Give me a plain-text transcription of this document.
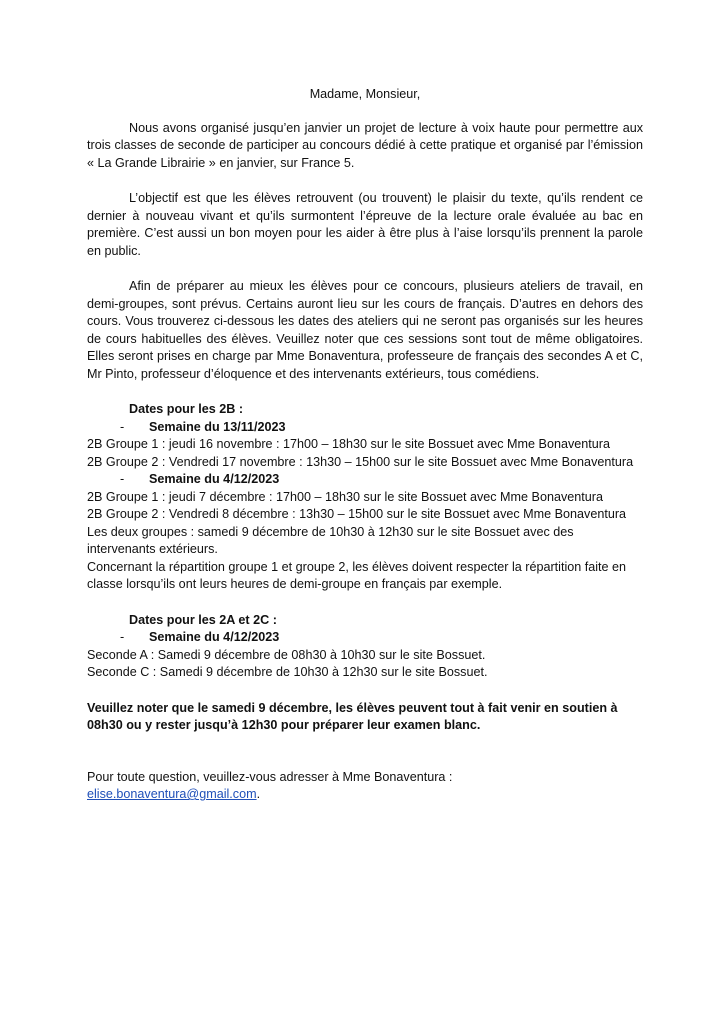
Madame, Monsieur,

Nous avons organisé jusqu’en janvier un projet de lecture à voix haute pour permettre aux trois classes de seconde de participer au concours dédié à cette pratique et organisé par l’émission « La Grande Librairie » en janvier, sur France 5.

L’objectif est que les élèves retrouvent (ou trouvent) le plaisir du texte, qu’ils rendent ce dernier à nouveau vivant et qu’ils surmontent l’épreuve de la lecture orale évaluée au bac en première. C’est aussi un bon moyen pour les aider à être plus à l’aise lorsqu’ils prennent la parole en public.

Afin de préparer au mieux les élèves pour ce concours, plusieurs ateliers de travail, en demi-groupes, sont prévus. Certains auront lieu sur les cours de français. D’autres en dehors des cours. Vous trouverez ci-dessous les dates des ateliers qui ne seront pas organisés sur les heures de cours habituelles des élèves. Veuillez noter que ces sessions sont tout de même obligatoires. Elles seront prises en charge par Mme Bonaventura, professeure de français des secondes A et C, Mr Pinto, professeur d’éloquence et des intervenants extérieurs, tous comédiens.

Dates pour les 2B :

- Semaine du 13/11/2023

2B Groupe 1 : jeudi 16 novembre : 17h00 – 18h30 sur le site Bossuet avec Mme Bonaventura

2B Groupe 2 : Vendredi 17 novembre : 13h30 – 15h00 sur le site Bossuet avec Mme Bonaventura

- Semaine du 4/12/2023

2B Groupe 1 : jeudi 7 décembre : 17h00 – 18h30 sur le site Bossuet avec Mme Bonaventura

2B Groupe 2 : Vendredi 8 décembre : 13h30 – 15h00 sur le site Bossuet avec Mme Bonaventura

Les deux groupes : samedi 9 décembre de 10h30 à 12h30 sur le site Bossuet avec des intervenants extérieurs.

Concernant la répartition groupe 1 et groupe 2, les élèves doivent respecter la répartition faite en classe lorsqu’ils ont leurs heures de demi-groupe en français par exemple.

Dates pour les 2A et 2C :

- Semaine du 4/12/2023

Seconde A : Samedi 9 décembre de 08h30 à 10h30 sur le site Bossuet.

Seconde C : Samedi 9 décembre de 10h30 à 12h30 sur le site Bossuet.

Veuillez noter que le samedi 9 décembre, les élèves peuvent tout à fait venir en soutien à 08h30 ou y rester jusqu’à 12h30 pour préparer leur examen blanc.

Pour toute question, veuillez-vous adresser à Mme Bonaventura :

elise.bonaventura@gmail.com.
